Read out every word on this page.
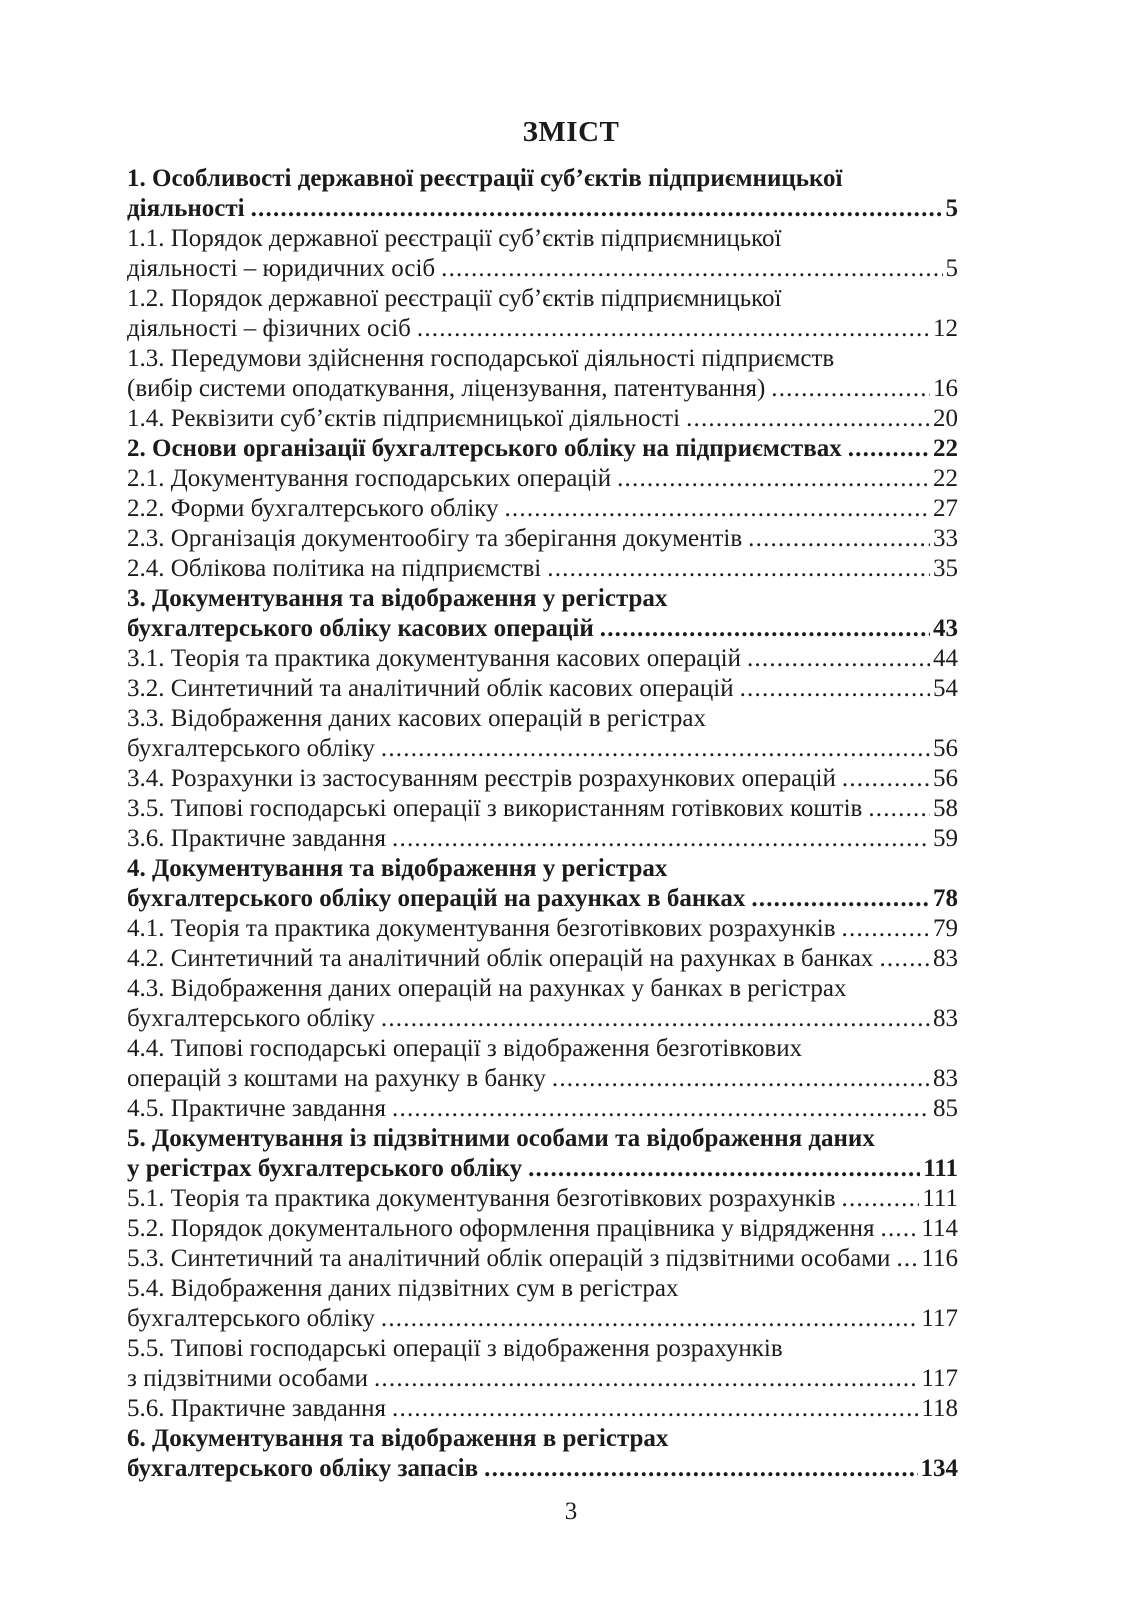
ЗМІСТ
1. Особливості державної реєстрації суб’єктів підприємницької
діяльності .....	5
1.1. Порядок державної реєстрації суб’єктів підприємницької
діяльності – юридичних осіб .....	5
1.2. Порядок державної реєстрації суб’єктів підприємницької
діяльності – фізичних осіб .....	12
1.3. Передумови здійснення господарської діяльності підприємств
(вибір системи оподаткування, ліцензування, патентування) .....	16
1.4. Реквізити суб’єктів підприємницької діяльності .....	20
2. Основи організації бухгалтерського обліку на підприємствах .....	22
2.1. Документування господарських операцій .....	22
2.2. Форми бухгалтерського обліку .....	27
2.3. Організація документообігу та зберігання документів .....	33
2.4. Облікова політика на підприємстві .....	35
3. Документування та відображення у регістрах
бухгалтерського обліку касових операцій .....	43
3.1. Теорія та практика документування касових операцій .....	44
3.2. Синтетичний та аналітичний облік касових операцій .....	54
3.3. Відображення даних касових операцій в регістрах
бухгалтерського обліку .....	56
3.4. Розрахунки із застосуванням реєстрів розрахункових операцій .....	56
3.5. Типові господарські операції з використанням готівкових коштів .....	58
3.6. Практичне завдання .....	59
4. Документування та відображення у регістрах
бухгалтерського обліку операцій на рахунках в банках .....	78
4.1. Теорія та практика документування безготівкових розрахунків .....	79
4.2. Синтетичний та аналітичний облік операцій на рахунках в банках ..... 83
4.3. Відображення даних операцій на рахунках у банках в регістрах
бухгалтерського обліку .....	83
4.4. Типові господарські операції з відображення безготівкових
операцій з коштами на рахунку в банку .....	83
4.5. Практичне завдання .....	85
5. Документування із підзвітними особами та відображення даних
у регістрах бухгалтерського обліку .....	111
5.1. Теорія та практика документування безготівкових розрахунків .....	111
5.2. Порядок документального оформлення працівника у відрядження ..... 114
5.3. Синтетичний та аналітичний облік операцій з підзвітними особами ..... 116
5.4. Відображення даних підзвітних сум в регістрах
бухгалтерського обліку .....	117
5.5. Типові господарські операції з відображення розрахунків
з підзвітними особами .....	117
5.6. Практичне завдання .....	118
6. Документування та відображення в регістрах
бухгалтерського обліку запасів .....	134
3
